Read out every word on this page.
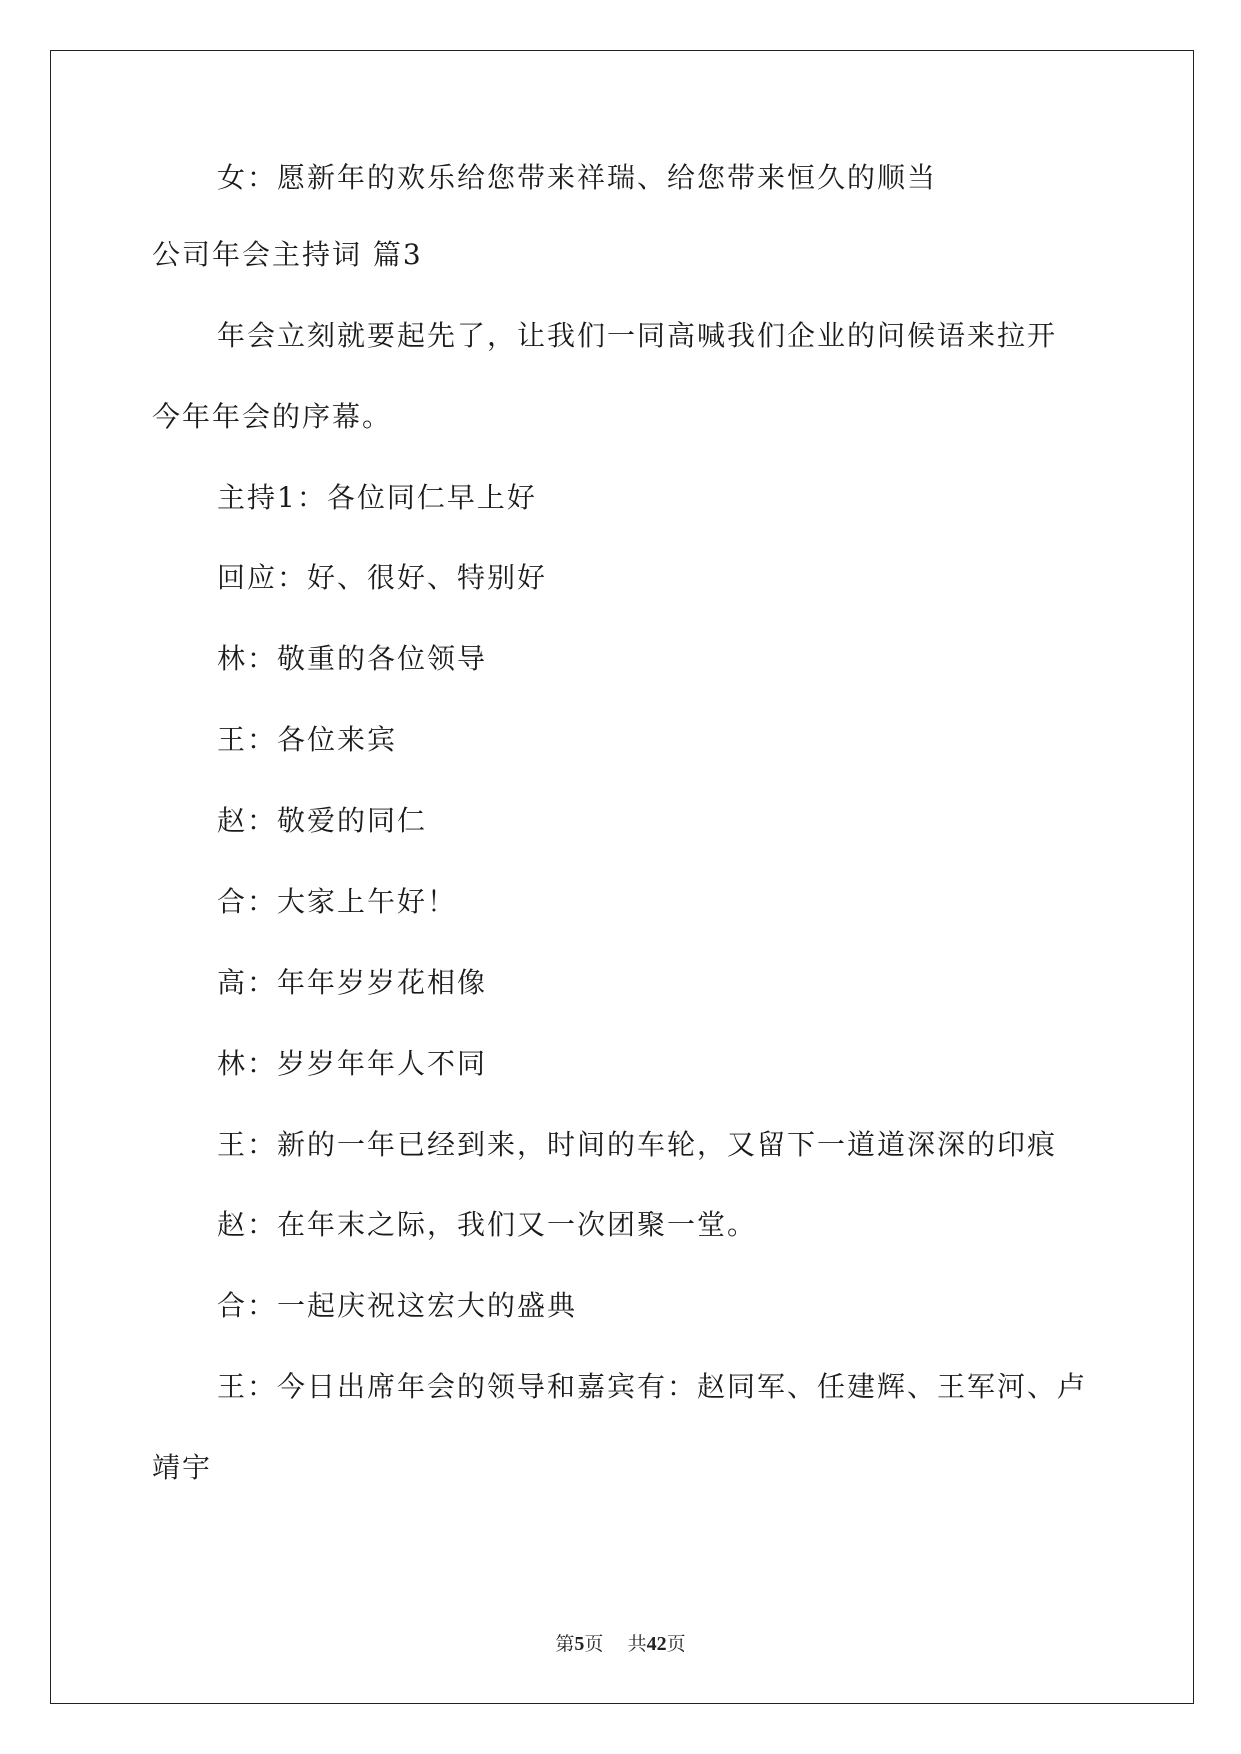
女：愿新年的欢乐给您带来祥瑞、给您带来恒久的顺当

公司年会主持词 篇3

年会立刻就要起先了，让我们一同高喊我们企业的问候语来拉开

今年年会的序幕。

主持1：各位同仁早上好

回应：好、很好、特别好

林：敬重的各位领导

王：各位来宾

赵：敬爱的同仁

合：大家上午好！

高：年年岁岁花相像

林：岁岁年年人不同

王：新的一年已经到来，时间的车轮，又留下一道道深深的印痕

赵：在年末之际，我们又一次团聚一堂。

合：一起庆祝这宏大的盛典

王：今日出席年会的领导和嘉宾有：赵同军、任建辉、王军河、卢

靖宇

第5页 共42页
